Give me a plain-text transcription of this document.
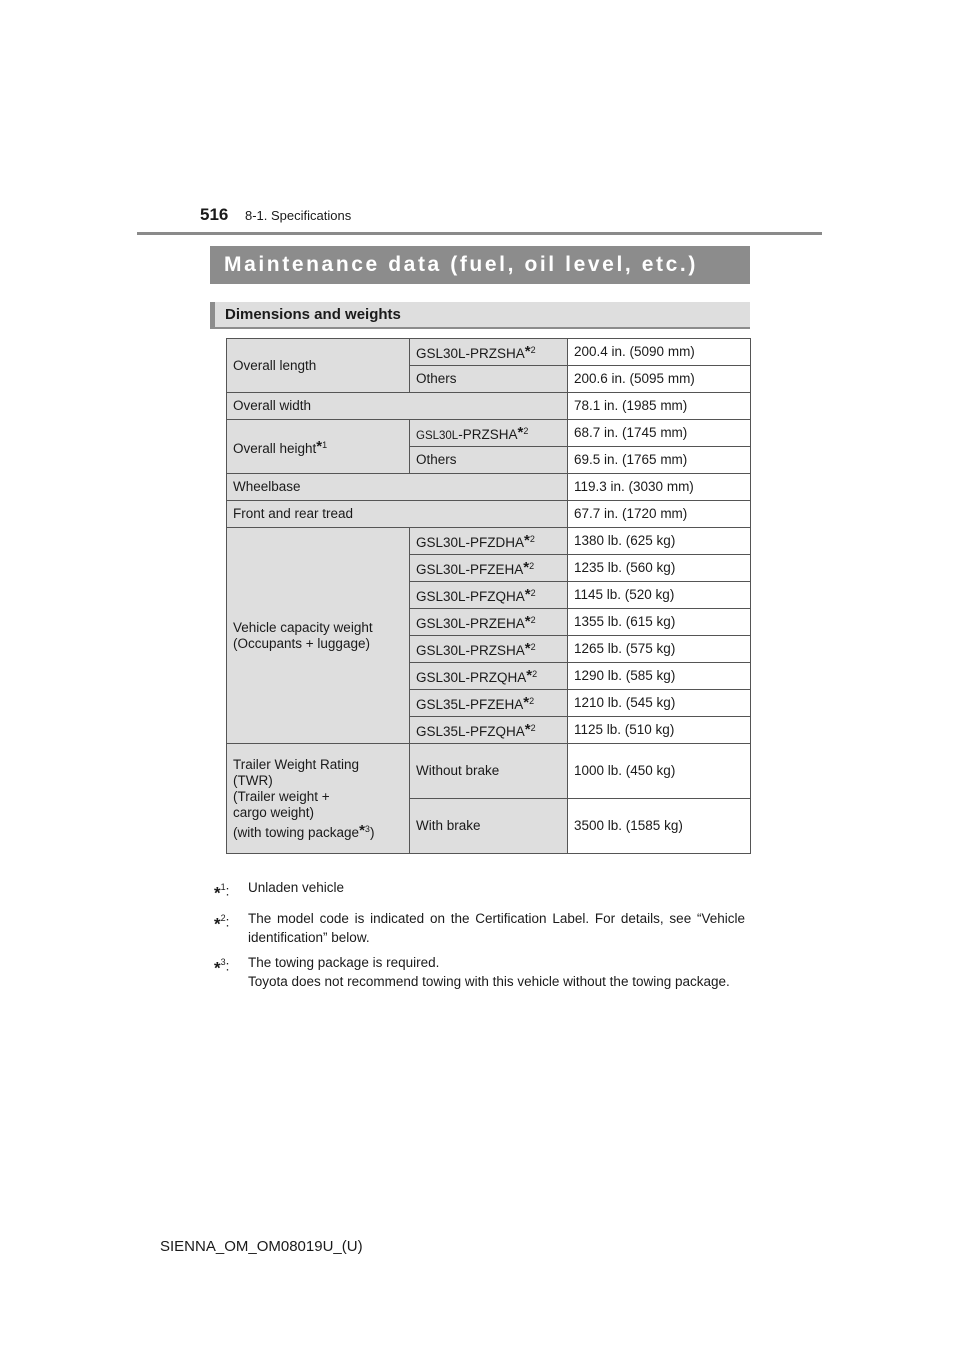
516 8-1. Specifications
Maintenance data (fuel, oil level, etc.)
Dimensions and weights
Overall length	GSL30L-PRZSHA$^{*2}$	200.4 in. (5090 mm)
	Others	200.6 in. (5095 mm)
Overall width		78.1 in. (1985 mm)
Overall height$^{*1}$	GSL30L-PRZSHA$^{*2}$	68.7 in. (1745 mm)
	Others	69.5 in. (1765 mm)
Wheelbase		119.3 in. (3030 mm)
Front and rear tread		67.7 in. (1720 mm)
Vehicle capacity weight
(Occupants + luggage)	GSL30L-PFZDHA$^{*2}$	1380 lb. (625 kg)
	GSL30L-PFZEHA$^{*2}$	1235 lb. (560 kg)
	GSL30L-PFZQHA$^{*2}$	1145 lb. (520 kg)
	GSL30L-PRZEHA$^{*2}$	1355 lb. (615 kg)
	GSL30L-PRZSHA$^{*2}$	1265 lb. (575 kg)
	GSL30L-PRZQHA$^{*2}$	1290 lb. (585 kg)
	GSL35L-PFZEHA$^{*2}$	1210 lb. (545 kg)
	GSL35L-PFZQHA$^{*2}$	1125 lb. (510 kg)
Trailer Weight Rating
(TWR)
(Trailer weight +
cargo weight)
(with towing package$^{*3}$)	Without brake	1000 lb. (450 kg)
	With brake	3500 lb. (1585 kg)
*$^1$:	Unladen vehicle
*$^2$:	The model code is indicated on the Certification Label. For details, see “Vehicle identification” below.
*$^3$:	The towing package is required.
Toyota does not recommend towing with this vehicle without the towing package.
SIENNA_OM_OM08019U_(U)
